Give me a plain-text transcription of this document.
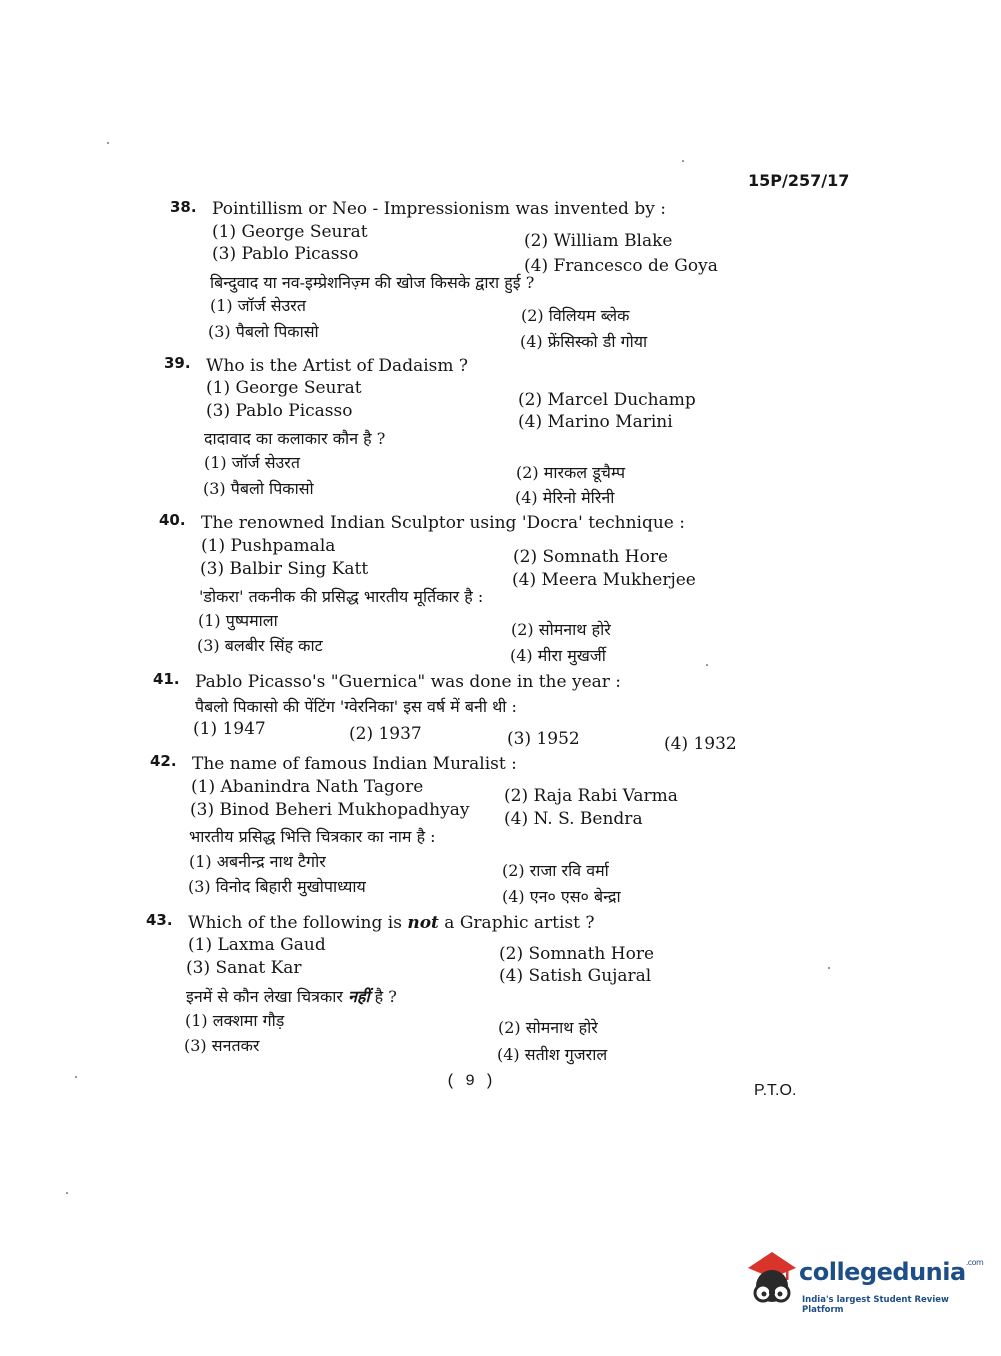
15P/257/17
38. Pointillism or Neo - Impressionism was invented by :
(1) George Seurat	(2) William Blake
(3) Pablo Picasso
(4) Francesco de Goya
बिन्दुवाद या नव-इम्प्रेशनिज़्म की खोज किसके द्वारा हुई ?
(1) जॉर्ज सेउरत
(2) विलियम ब्लेक
(3) पैबलो पिकासो
(4) फ्रेंसिस्को डी गोया
39. Who is the Artist of Dadaism ?
(1) George Seurat
(2) Marcel Duchamp
(3) Pablo Picasso
(4) Marino Marini
दादावाद का कलाकार कौन है ?
(1) जॉर्ज सेउरत
(2) मारकल डूचैम्प
(3) पैबलो पिकासो	(4) मेरिनो मेरिनी
40. The renowned Indian Sculptor using 'Docra' technique :
(1) Pushpamala
(2) Somnath Hore
(3) Balbir Sing Katt
(4) Meera Mukherjee
'डोकरा' तकनीक की प्रसिद्ध भारतीय मूर्तिकार है :
(1) पुष्पमाला	(2) सोमनाथ होरे
(3) बलबीर सिंह काट
(4) मीरा मुखर्जी
41. Pablo Picasso's "Guernica" was done in the year :
पैबलो पिकासो की पेंटिंग 'ग्वेरनिका' इस वर्ष में बनी थी :
(1) 1947	(2) 1937	(3) 1952	(4) 1932
42. The name of famous Indian Muralist :
(1) Abanindra Nath Tagore	(2) Raja Rabi Varma
(3) Binod Beheri Mukhopadhyay (4) N. S. Bendra
भारतीय प्रसिद्ध भित्ति चित्रकार का नाम है :
(1) अबनीन्द्र नाथ टैगोर	(2) राजा रवि वर्मा
(3) विनोद बिहारी मुखोपाध्याय
(4) एन० एस० बेन्द्रा
43. Which of the following is not a Graphic artist ?
(1) Laxma Gaud	(2) Somnath Hore
(3) Sanat Kar	(4) Satish Gujaral
इनमें से कौन लेखा चित्रकार नहीं है ?
(1) लक्शमा गौड़	(2) सोमनाथ होरे
(3) सनतकर	(4) सतीश गुजराल
( 9 )
P.T.O.
collegedunia$^{.com}$
India's largest Student Review Platform
